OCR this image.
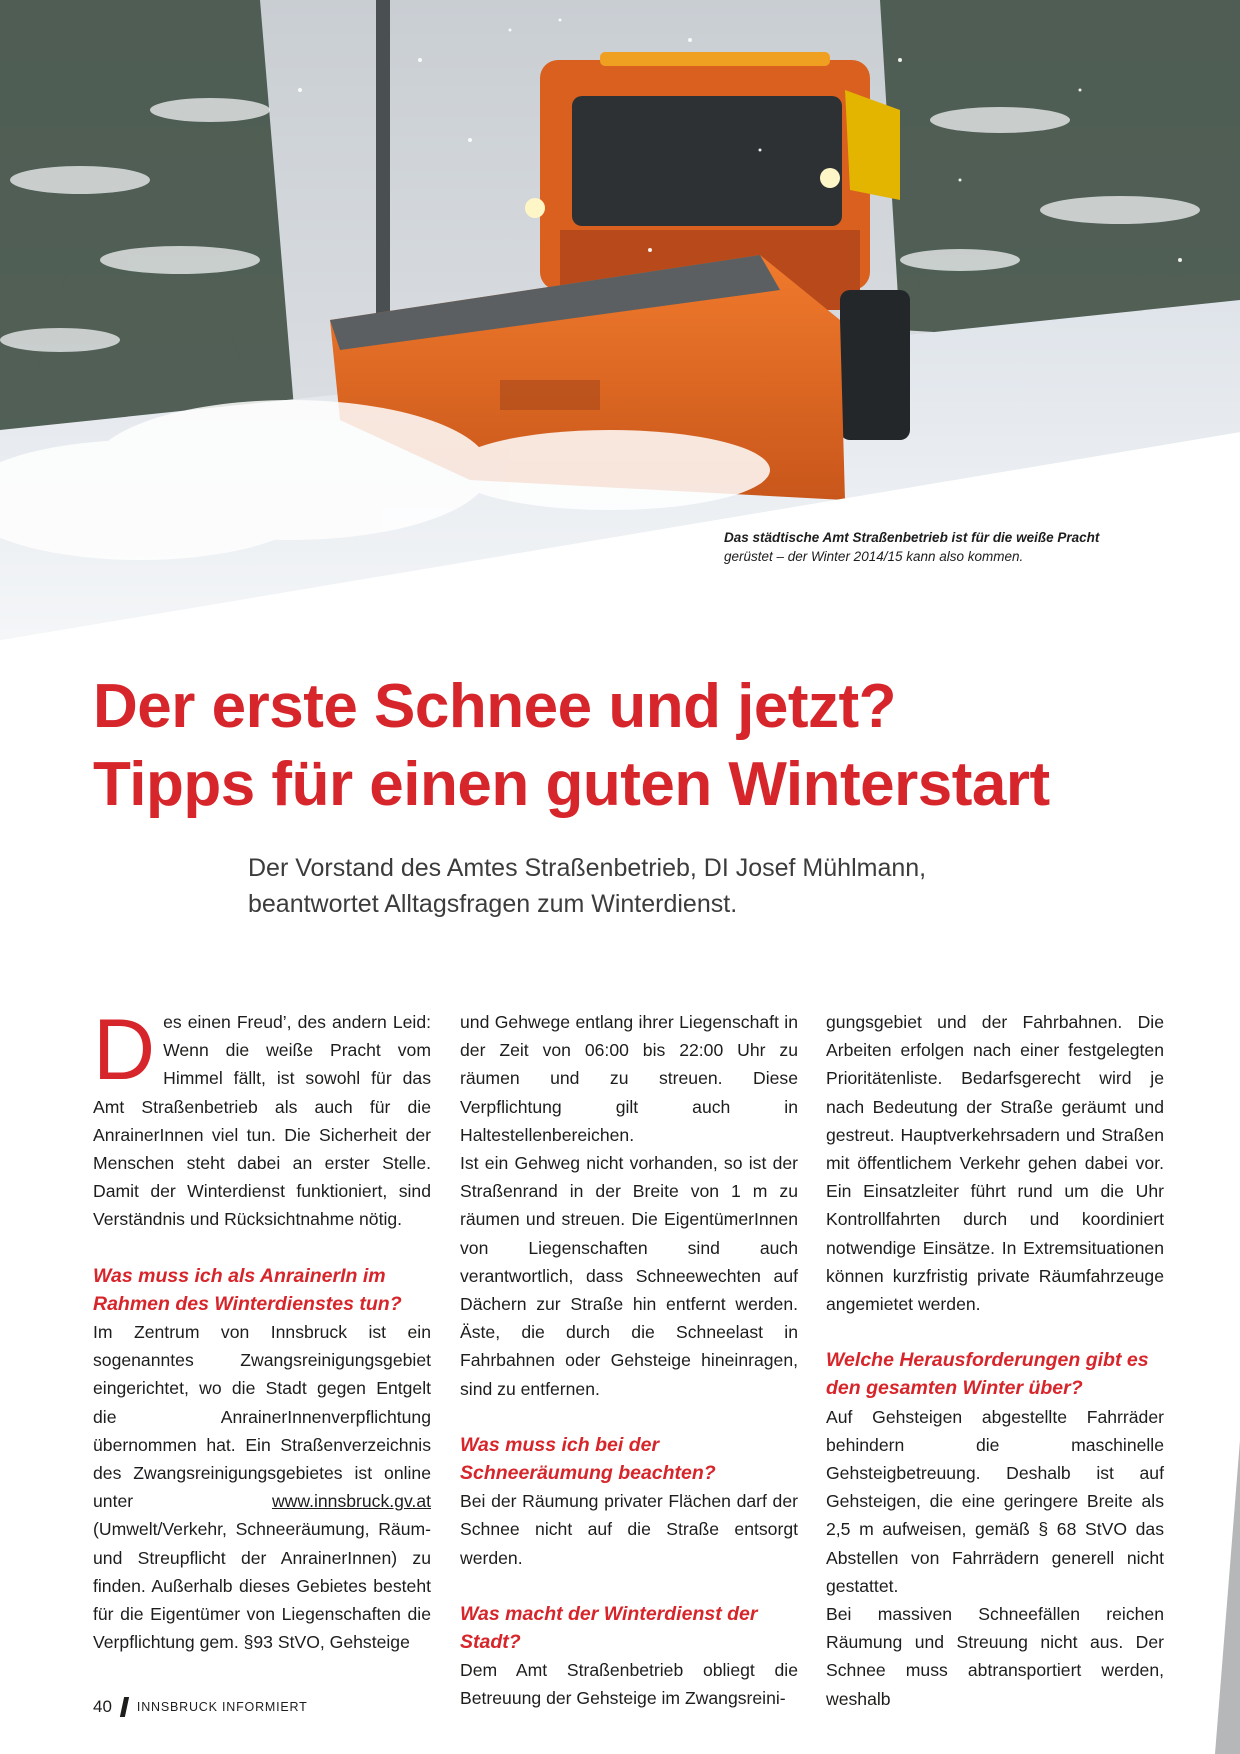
Das städtische Amt Straßenbetrieb ist für die weiße Pracht
gerüstet – der Winter 2014/15 kann also kommen.
Der erste Schnee und jetzt?
Tipps für einen guten Winterstart
Der Vorstand des Amtes Straßenbetrieb, DI Josef Mühlmann,
beantwortet Alltagsfragen zum Winterdienst.

Des einen Freud’, des andern Leid: Wenn die weiße Pracht vom Himmel fällt, ist sowohl für das Amt Straßenbetrieb als auch für die AnrainerInnen viel tun. Die Sicherheit der Menschen steht dabei an erster Stelle. Damit der Winterdienst funktioniert, sind Verständnis und Rücksichtnahme nötig.

Was muss ich als AnrainerIn im Rahmen des Winterdienstes tun?

Im Zentrum von Innsbruck ist ein sogenanntes Zwangsreinigungsgebiet eingerichtet, wo die Stadt gegen Entgelt die AnrainerInnenverpflichtung übernommen hat. Ein Straßenverzeichnis des Zwangsreinigungsgebietes ist online unter www.innsbruck.gv.at (Umwelt/Verkehr, Schneeräumung, Räum- und Streupflicht der AnrainerInnen) zu finden. Außerhalb dieses Gebietes besteht für die Eigentümer von Liegenschaften die Verpflichtung gem. §93 StVO, Gehsteige

und Gehwege entlang ihrer Liegenschaft in der Zeit von 06:00 bis 22:00 Uhr zu räumen und zu streuen. Diese Verpflichtung gilt auch in Haltestellenbereichen.

Ist ein Gehweg nicht vorhanden, so ist der Straßenrand in der Breite von 1 m zu räumen und streuen. Die EigentümerInnen von Liegenschaften sind auch verantwortlich, dass Schneewechten auf Dächern zur Straße hin entfernt werden. Äste, die durch die Schneelast in Fahrbahnen oder Gehsteige hineinragen, sind zu entfernen.

Was muss ich bei der Schneeräumung beachten?

Bei der Räumung privater Flächen darf der Schnee nicht auf die Straße entsorgt werden.

Was macht der Winterdienst der Stadt?

Dem Amt Straßenbetrieb obliegt die Betreuung der Gehsteige im Zwangsreini-

gungsgebiet und der Fahrbahnen. Die Arbeiten erfolgen nach einer festgelegten Prioritätenliste. Bedarfsgerecht wird je nach Bedeutung der Straße geräumt und gestreut. Hauptverkehrsadern und Straßen mit öffentlichem Verkehr gehen dabei vor. Ein Einsatzleiter führt rund um die Uhr Kontrollfahrten durch und koordiniert notwendige Einsätze. In Extremsituationen können kurzfristig private Räumfahrzeuge angemietet werden.

Welche Herausforderungen gibt es den gesamten Winter über?

Auf Gehsteigen abgestellte Fahrräder behindern die maschinelle Gehsteigbetreuung. Deshalb ist auf Gehsteigen, die eine geringere Breite als 2,5 m aufweisen, gemäß § 68 StVO das Abstellen von Fahrrädern generell nicht gestattet.

Bei massiven Schneefällen reichen Räumung und Streuung nicht aus. Der Schnee muss abtransportiert werden, weshalb

40 INNSBRUCK INFORMIERT
